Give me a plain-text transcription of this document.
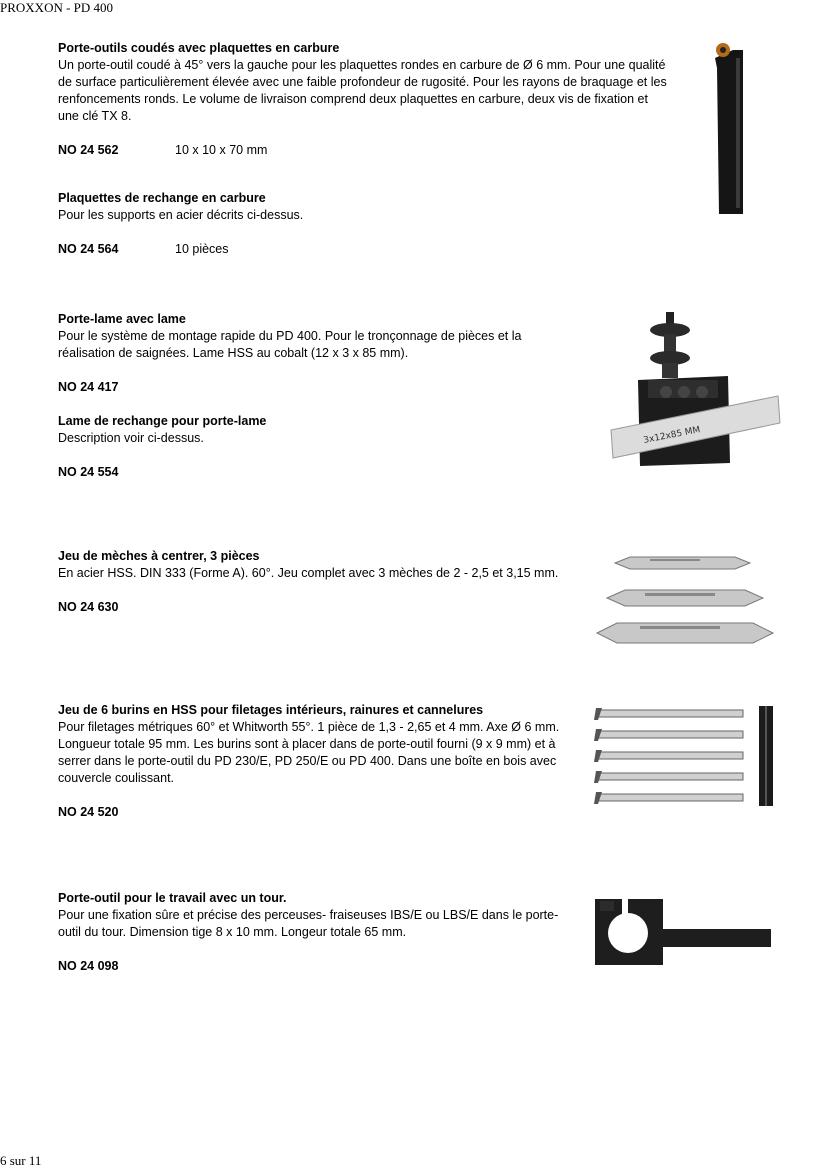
PROXXON - PD 400
Porte-outils coudés avec plaquettes en carbure

Un porte-outil coudé à 45° vers la gauche pour les plaquettes rondes en carbure de Ø 6 mm. Pour une qualité de surface particulièrement élevée avec une faible profondeur de rugosité. Pour les rayons de braquage et les renfoncements ronds. Le volume de livraison comprend deux plaquettes en carbure, deux vis de fixation et une clé TX 8.

NO 24 562	10 x 10 x 70 mm
Plaquettes de rechange en carbure

Pour les supports en acier décrits ci-dessus.

NO 24 564	10 pièces
Porte-lame avec lame

Pour le système de montage rapide du PD 400. Pour le tronçonnage de pièces et la réalisation de saignées. Lame HSS au cobalt (12 x 3 x 85 mm).

NO 24 417
Lame de rechange pour porte-lame

Description voir ci-dessus.

NO 24 554
3x12x85 MM
Jeu de mèches à centrer, 3 pièces

En acier HSS. DIN 333 (Forme A). 60°. Jeu complet avec 3 mèches de 2 - 2,5 et 3,15 mm.

NO 24 630
Jeu de 6 burins en HSS pour filetages intérieurs, rainures et cannelures

Pour filetages métriques 60° et Whitworth 55°. 1 pièce de 1,3 - 2,65 et 4 mm. Axe Ø 6 mm. Longueur totale 95 mm. Les burins sont à placer dans de porte-outil fourni (9 x 9 mm) et à serrer dans le porte-outil du PD 230/E, PD 250/E ou PD 400. Dans une boîte en bois avec couvercle coulissant.

NO 24 520
Porte-outil pour le travail avec un tour.

Pour une fixation sûre et précise des perceuses- fraiseuses IBS/E ou LBS/E dans le porte-outil du tour. Dimension tige 8 x 10 mm. Longeur totale 65 mm.

NO 24 098
6 sur 11
